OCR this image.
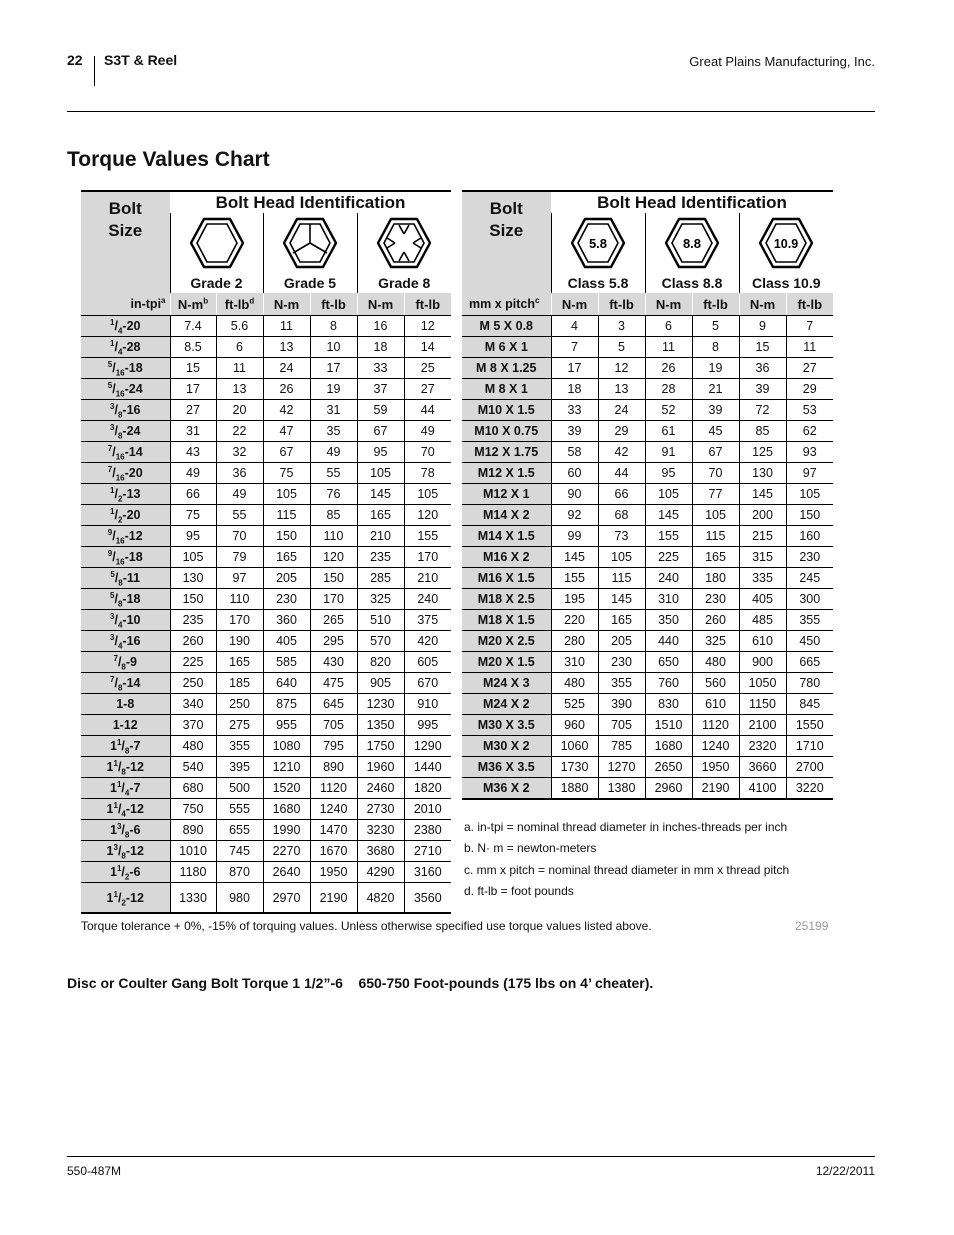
22 S3T & Reel	Great Plains Manufacturing, Inc.
Torque Values Chart
Bolt Size	Bolt Head Identification					

	Grade 2		Grade 5		Grade 8	
in-tpi$^a$	$N-m^b$	$ft-lb^d$	N-m	ft-lb	N-m	ft-lb
$^1/_4-20$	7.4	5.6	11	8	16	12
$^1/_4-28$	8.5	6	13	10	18	14
$^5/_{16}-18$	15	11	24	17	33	25
$^5/_{16}-24$	17	13	26	19	37	27
$^3/_8-16$	27	20	42	31	59	44
$^3/_8-24$	31	22	47	35	67	49
$^7/_{16}-14$	43	32	67	49	95	70
$^7/_{16}-20$	49	36	75	55	105	78
$^1/_2-13$	66	49	105	76	145	105
$^1/_2-20$	75	55	115	85	165	120
$^9/_{16}-12$	95	70	150	110	210	155
$^9/_{16}-18$	105	79	165	120	235	170
$^5/_8-11$	130	97	205	150	285	210
$^5/_8-18$	150	110	230	170	325	240
$^3/_4-10$	235	170	360	265	510	375
$^3/_4-16$	260	190	405	295	570	420
$^7/_8-9$	225	165	585	430	820	605
$^7/_8-14$	250	185	640	475	905	670
1-8	340	250	875	645	1230	910
1-12	370	275	955	705	1350	995
$1^1/_8-7$	480	355	1080	795	1750	1290
$1^1/_8-12$	540	395	1210	890	1960	1440
$1^1/_4-7$	680	500	1520	1120	2460	1820
$1^1/_4-12$	750	555	1680	1240	2730	2010
$1^3/_8-6$	890	655	1990	1470	3230	2380
$1^3/_8-12$	1010	745	2270	1670	3680	2710
$1^1/_2-6$	1180	870	2640	1950	4290	3160
$1^1/_2-12$	1330	980	2970	2190	4820	3560
Bolt Size	Bolt Head Identification					

5.8		8.8		10.9	

	Class 5.8		Class 8.8		Class 10.9	
mm x pitch$^c$	N-m	ft-lb	N-m	ft-lb	N-m	ft-lb
M 5 X 0.8	4	3	6	5	9	7
M 6 X 1	7	5	11	8	15	11
M 8 X 1.25	17	12	26	19	36	27
M 8 X 1	18	13	28	21	39	29
M10 X 1.5	33	24	52	39	72	53
M10 X 0.75	39	29	61	45	85	62
M12 X 1.75	58	42	91	67	125	93
M12 X 1.5	60	44	95	70	130	97
M12 X 1	90	66	105	77	145	105
M14 X 2	92	68	145	105	200	150
M14 X 1.5	99	73	155	115	215	160
M16 X 2	145	105	225	165	315	230
M16 X 1.5	155	115	240	180	335	245
M18 X 2.5	195	145	310	230	405	300
M18 X 1.5	220	165	350	260	485	355
M20 X 2.5	280	205	440	325	610	450
M20 X 1.5	310	230	650	480	900	665
M24 X 3	480	355	760	560	1050	780
M24 X 2	525	390	830	610	1150	845
M30 X 3.5	960	705	1510	1120	2100	1550
M30 X 2	1060	785	1680	1240	2320	1710
M36 X 3.5	1730	1270	2650	1950	3660	2700
M36 X 2	1880	1380	2960	2190	4100	3220
a. in-tpi = nominal thread diameter in inches-threads per inch
b. N· m = newton-meters
c. mm x pitch = nominal thread diameter in mm x thread pitch
d. ft-lb = foot pounds
Torque tolerance + 0%, -15% of torquing values. Unless otherwise specified use torque values listed above.	25199
Disc or Coulter Gang Bolt Torque 1 1/2”-6    650-750 Foot-pounds (175 lbs on 4’ cheater).
550-487M	12/22/2011
